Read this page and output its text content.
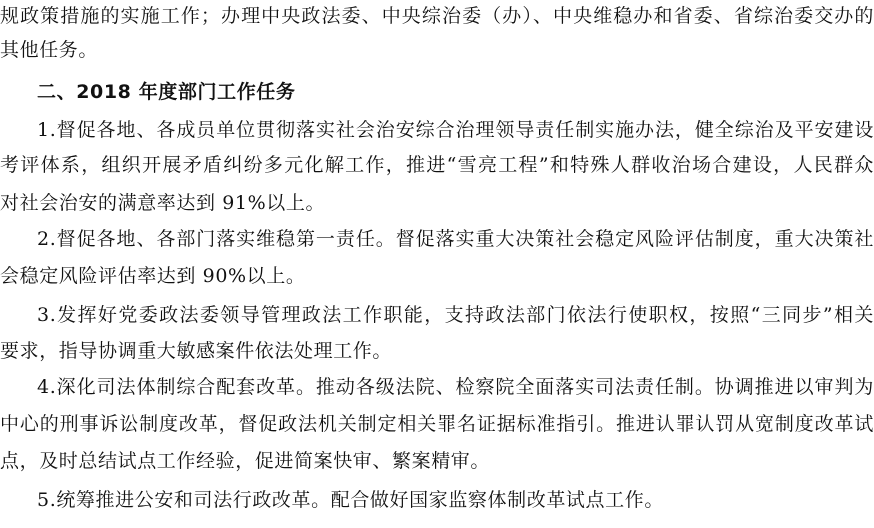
规政策措施的实施工作；办理中央政法委、中央综治委（办）、中央维稳办和省委、省综治委交办的
其他任务。
二、2018 年度部门工作任务
1.督促各地、各成员单位贯彻落实社会治安综合治理领导责任制实施办法，健全综治及平安建设
考评体系，组织开展矛盾纠纷多元化解工作，推进“雪亮工程”和特殊人群收治场合建设，人民群众
对社会治安的满意率达到 91%以上。
2.督促各地、各部门落实维稳第一责任。督促落实重大决策社会稳定风险评估制度，重大决策社
会稳定风险评估率达到 90%以上。
3.发挥好党委政法委领导管理政法工作职能，支持政法部门依法行使职权，按照“三同步”相关
要求，指导协调重大敏感案件依法处理工作。
4.深化司法体制综合配套改革。推动各级法院、检察院全面落实司法责任制。协调推进以审判为
中心的刑事诉讼制度改革，督促政法机关制定相关罪名证据标准指引。推进认罪认罚从宽制度改革试
点，及时总结试点工作经验，促进简案快审、繁案精审。
5.统筹推进公安和司法行政改革。配合做好国家监察体制改革试点工作。
